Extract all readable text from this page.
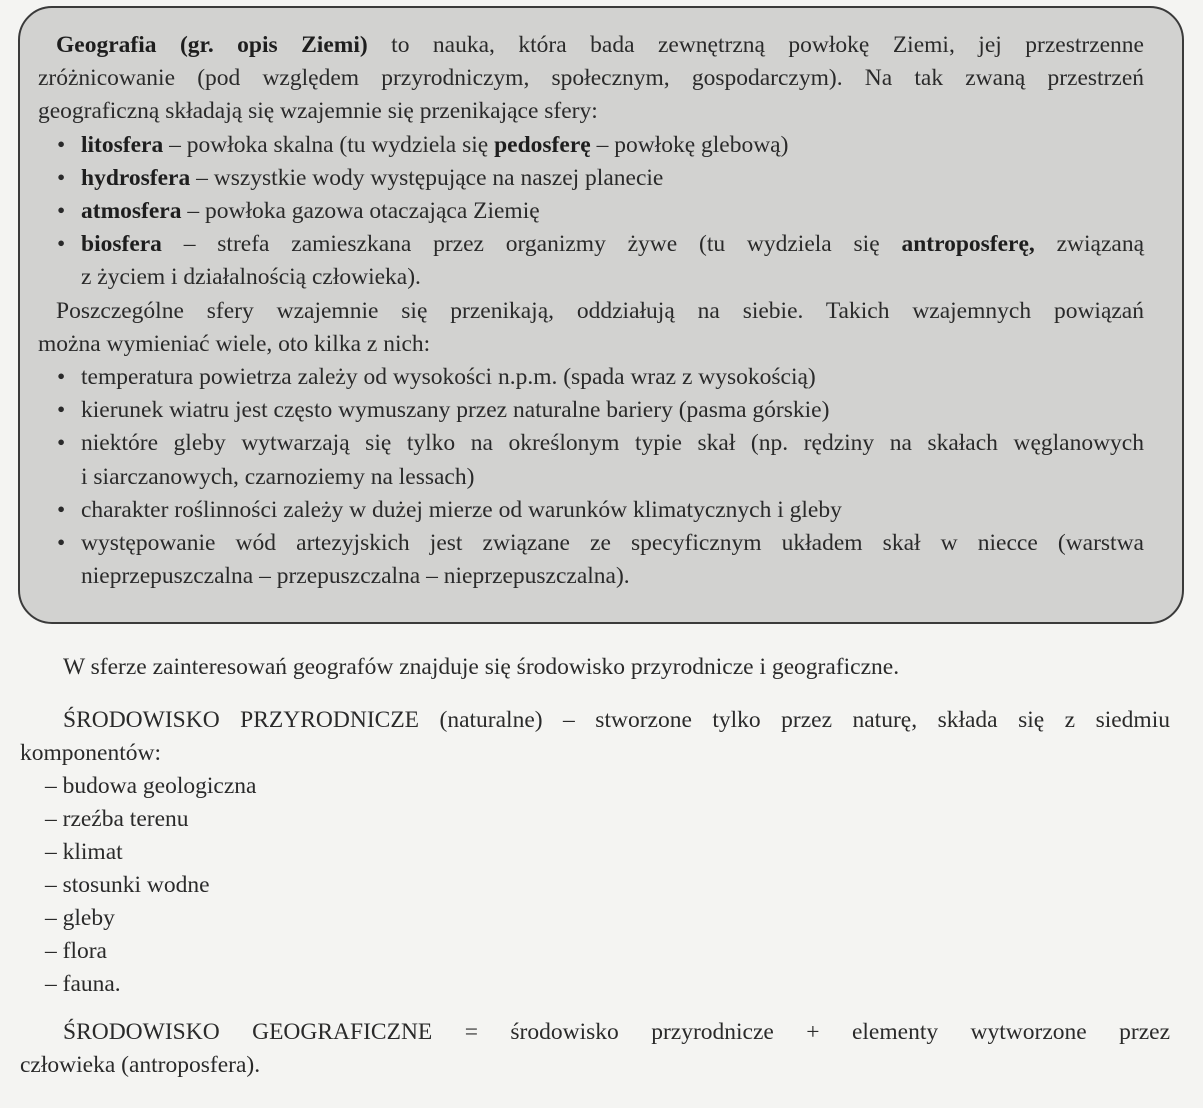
Geografia (gr. opis Ziemi) to nauka, która bada zewnętrzną powłokę Ziemi, jej przestrzenne
zróżnicowanie (pod względem przyrodniczym, społecznym, gospodarczym). Na tak zwaną przestrzeń
geograficzną składają się wzajemnie się przenikające sfery:
• litosfera – powłoka skalna (tu wydziela się pedosferę – powłokę glebową)
• hydrosfera – wszystkie wody występujące na naszej planecie
• atmosfera – powłoka gazowa otaczająca Ziemię
• biosfera – strefa zamieszkana przez organizmy żywe (tu wydziela się antroposferę, związaną
z życiem i działalnością człowieka).
Poszczególne sfery wzajemnie się przenikają, oddziałują na siebie. Takich wzajemnych powiązań
można wymieniać wiele, oto kilka z nich:
• temperatura powietrza zależy od wysokości n.p.m. (spada wraz z wysokością)
• kierunek wiatru jest często wymuszany przez naturalne bariery (pasma górskie)
• niektóre gleby wytwarzają się tylko na określonym typie skał (np. rędziny na skałach węglanowych
i siarczanowych, czarnoziemy na lessach)
• charakter roślinności zależy w dużej mierze od warunków klimatycznych i gleby
• występowanie wód artezyjskich jest związane ze specyficznym układem skał w niecce (warstwa
nieprzepuszczalna – przepuszczalna – nieprzepuszczalna).
W sferze zainteresowań geografów znajduje się środowisko przyrodnicze i geograficzne.
ŚRODOWISKO PRZYRODNICZE (naturalne) – stworzone tylko przez naturę, składa się z siedmiu
komponentów:
– budowa geologiczna
– rzeźba terenu
– klimat
– stosunki wodne
– gleby
– flora
– fauna.
ŚRODOWISKO GEOGRAFICZNE = środowisko przyrodnicze + elementy wytworzone przez
człowieka (antroposfera).
